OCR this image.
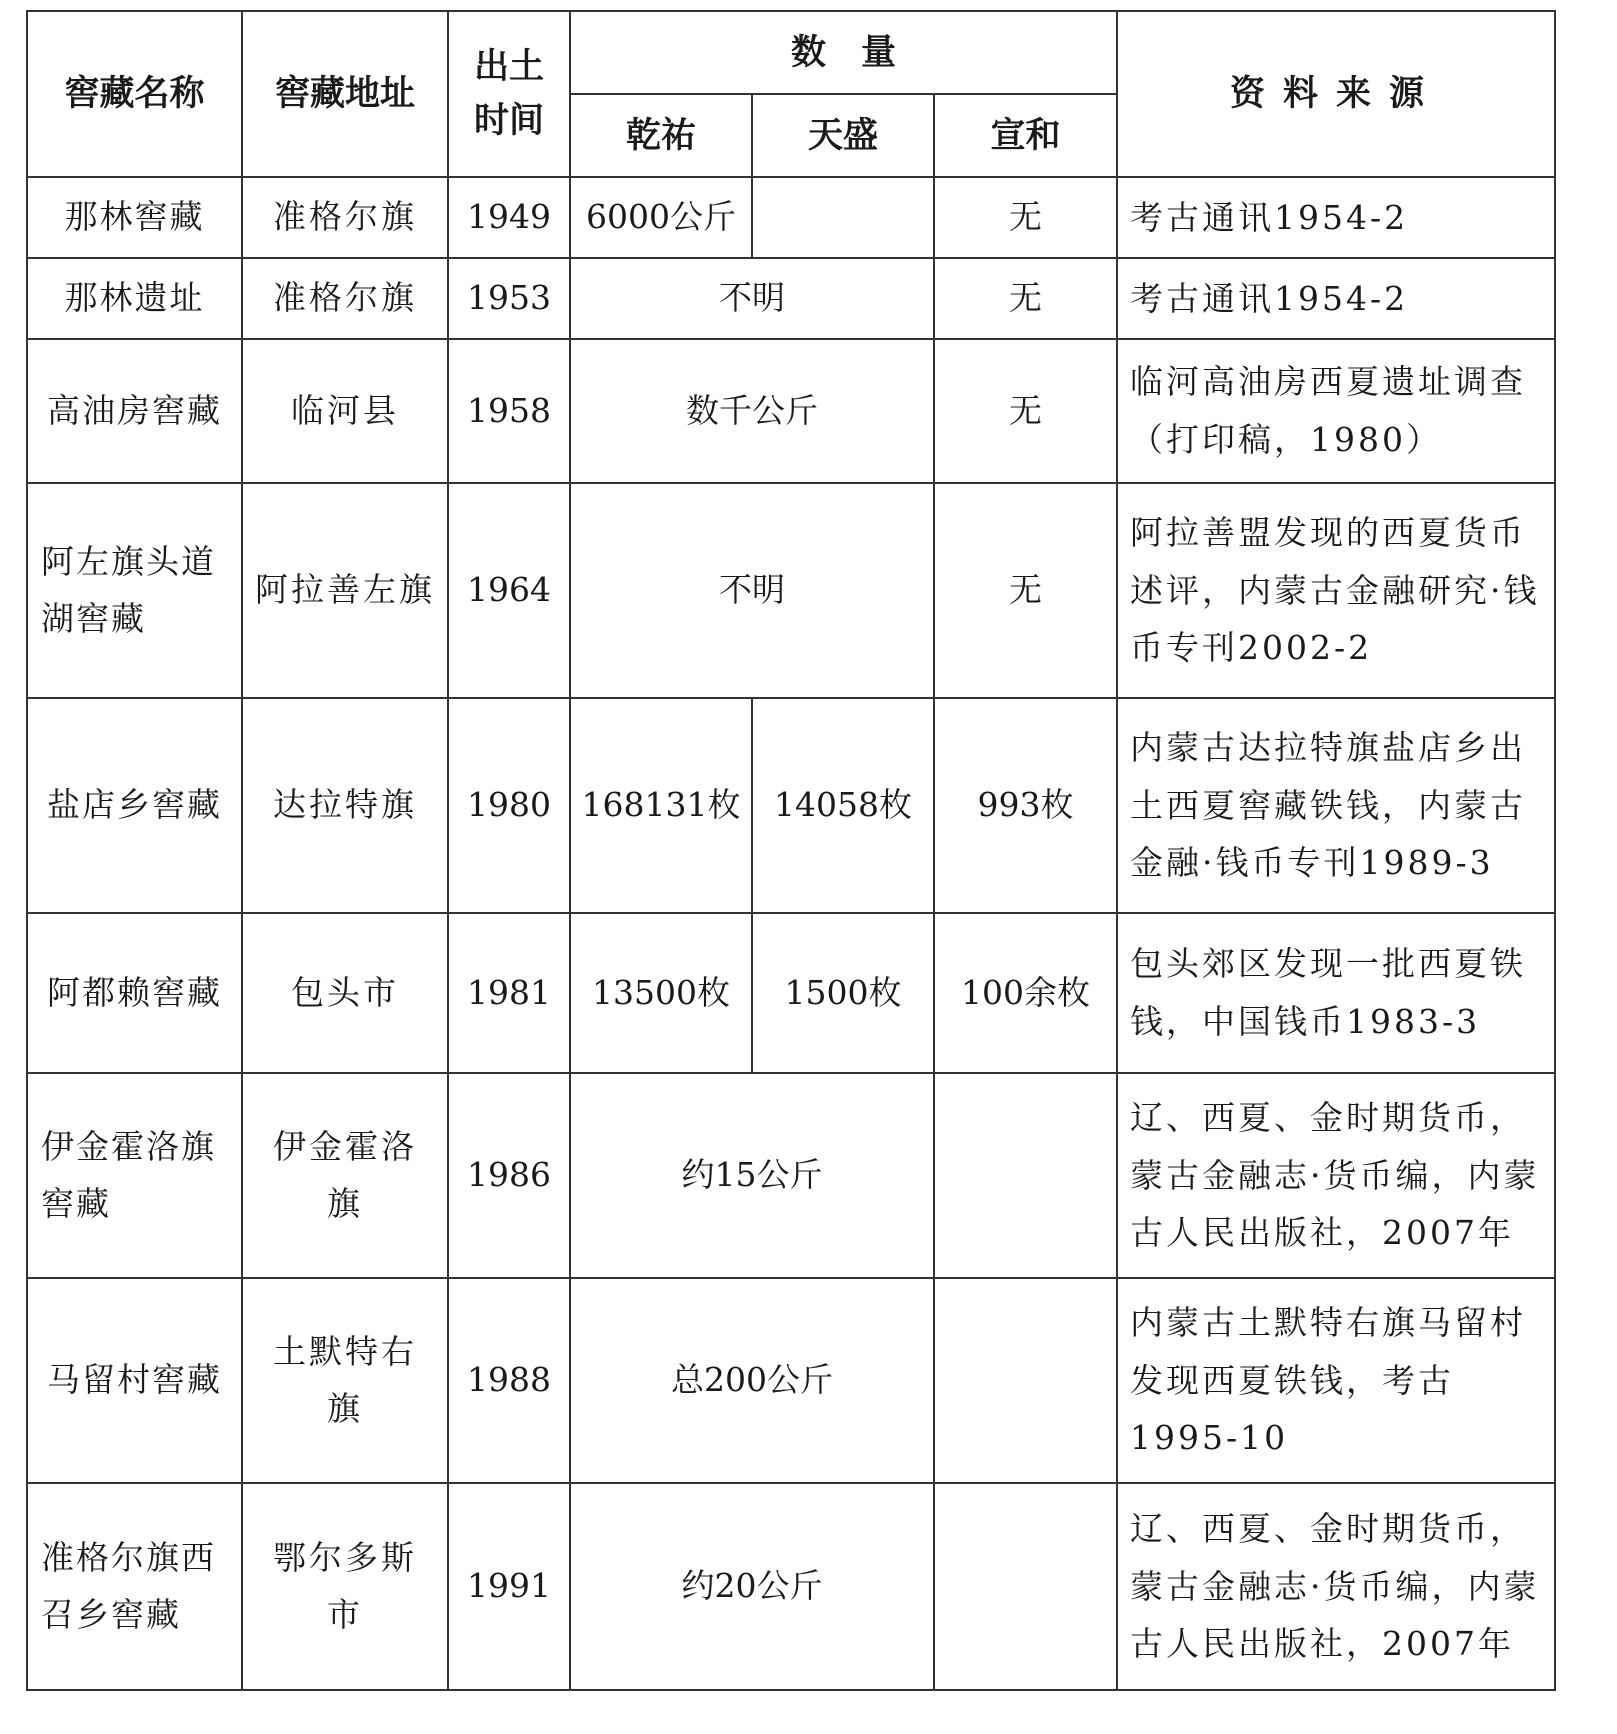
窖藏名称	窖藏地址	出土时间	数　量			资料来源
			乾祐	天盛	宣和	
那林窖藏	准格尔旗	1949	6000公斤		无	考古通讯1954-2
那林遗址	准格尔旗	1953	不明		无	考古通讯1954-2
高油房窖藏	临河县	1958	数千公斤		无	临河高油房西夏遗址调查（打印稿，1980）
阿左旗头道湖窖藏	阿拉善左旗	1964	不明		无	阿拉善盟发现的西夏货币述评，内蒙古金融研究·钱币专刊2002-2
盐店乡窖藏	达拉特旗	1980	168131枚	14058枚	993枚	内蒙古达拉特旗盐店乡出土西夏窖藏铁钱，内蒙古金融·钱币专刊1989-3
阿都赖窖藏	包头市	1981	13500枚	1500枚	100余枚	包头郊区发现一批西夏铁钱，中国钱币1983-3
伊金霍洛旗窖藏	伊金霍洛旗	1986	约15公斤			辽、西夏、金时期货币，蒙古金融志·货币编，内蒙古人民出版社，2007年
马留村窖藏	土默特右旗	1988	总200公斤			内蒙古土默特右旗马留村发现西夏铁钱，考古1995-10
准格尔旗西召乡窖藏	鄂尔多斯市	1991	约20公斤			辽、西夏、金时期货币，蒙古金融志·货币编，内蒙古人民出版社，2007年
